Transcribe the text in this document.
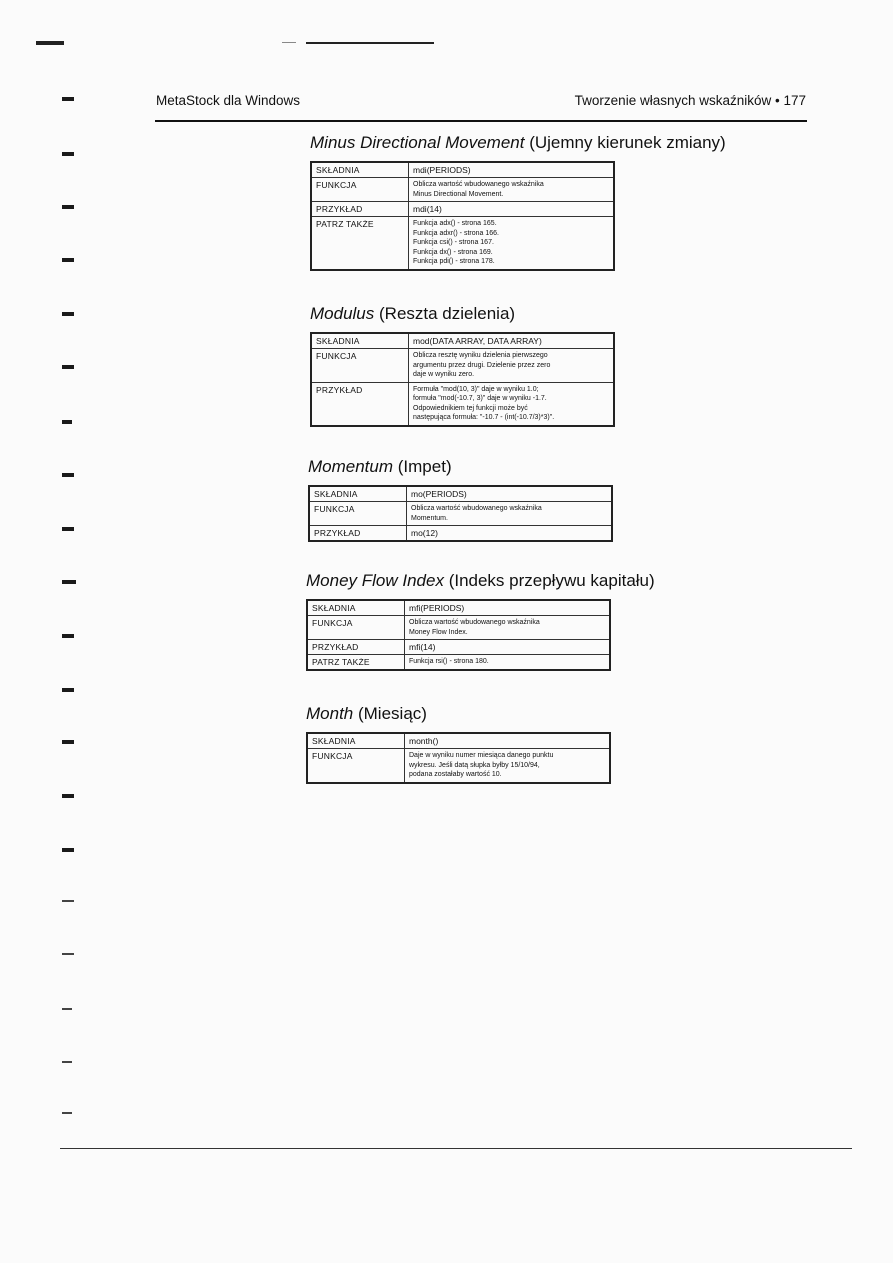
MetaStock dla Windows	Tworzenie własnych wskaźników • 177
Minus Directional Movement (Ujemny kierunek zmiany)
SKŁADNIA	mdi(PERIODS)

FUNKCJA	Oblicza wartość wbudowanego wskaźnika
Minus Directional Movement.

PRZYKŁAD	mdi(14)

PATRZ TAKŻE	Funkcja adx() - strona 165.
Funkcja adxr() - strona 166.
Funkcja csi() - strona 167.
Funkcja dx() - strona 169.
Funkcja pdi() - strona 178.
Modulus (Reszta dzielenia)
SKŁADNIA	mod(DATA ARRAY, DATA ARRAY)

FUNKCJA	Oblicza resztę wyniku dzielenia pierwszego
argumentu przez drugi. Dzielenie przez zero
daje w wyniku zero.

PRZYKŁAD	Formuła "mod(10, 3)" daje w wyniku 1.0;
formuła "mod(-10.7, 3)" daje w wyniku -1.7.
Odpowiednikiem tej funkcji może być
następująca formuła: "-10.7 - (int(-10.7/3)*3)".
Momentum (Impet)
SKŁADNIA	mo(PERIODS)

FUNKCJA	Oblicza wartość wbudowanego wskaźnika
Momentum.

PRZYKŁAD	mo(12)
Money Flow Index (Indeks przepływu kapitału)
SKŁADNIA	mfi(PERIODS)

FUNKCJA	Oblicza wartość wbudowanego wskaźnika
Money Flow Index.

PRZYKŁAD	mfi(14)

PATRZ TAKŻE	Funkcja rsi() - strona 180.
Month (Miesiąc)
SKŁADNIA	month()

FUNKCJA	Daje w wyniku numer miesiąca danego punktu
wykresu. Jeśli datą słupka byłby 15/10/94,
podana zostałaby wartość 10.
